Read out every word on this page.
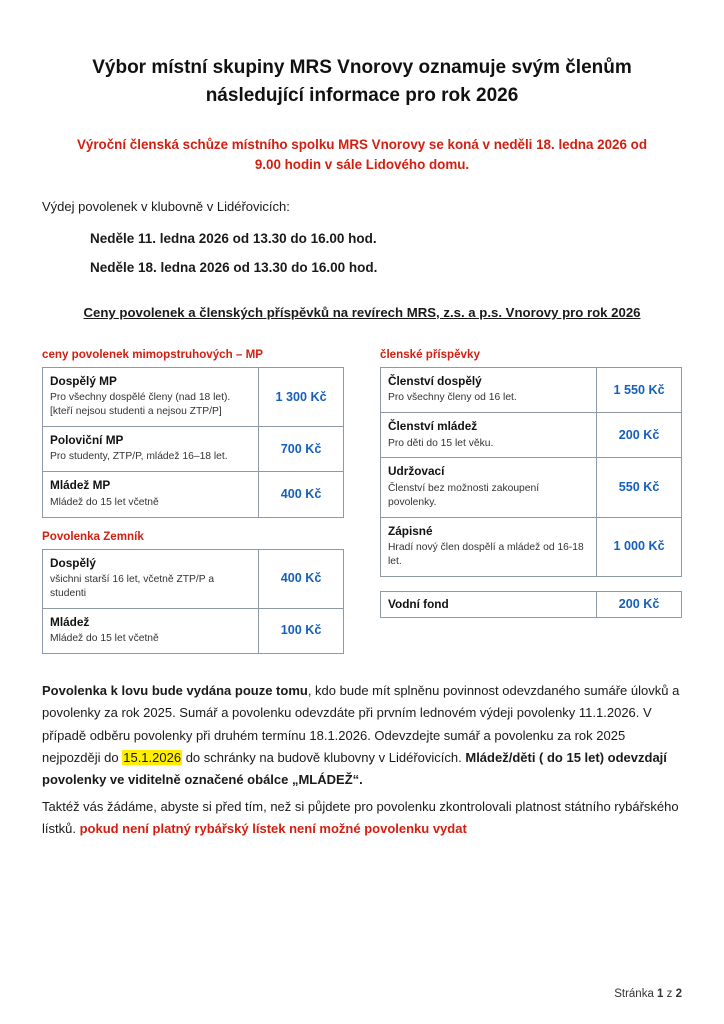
Výbor místní skupiny MRS Vnorovy oznamuje svým členům následující informace pro rok 2026

Výroční členská schůze místního spolku MRS Vnorovy se koná v neděli 18. ledna 2026 od 9.00 hodin v sále Lidového domu.

Výdej povolenek v klubovně v Lidéřovicích:

Neděle 11. ledna 2026 od 13.30 do 16.00 hod.

Neděle 18. ledna 2026 od 13.30 do 16.00 hod.

Ceny povolenek a členských příspěvků na revírech MRS, z.s. a p.s. Vnorovy pro rok 2026

ceny povolenek mimopstruhových – MP
Dospělý MP
Pro všechny dospělé členy (nad 18 let). [kteří nejsou studenti a nejsou ZTP/P]	1 300 Kč

Poloviční MP
Pro studenty, ZTP/P, mládež 16–18 let.	700 Kč

Mládež MP
Mládež do 15 let včetně	400 Kč
Povolenka Zemník
Dospělý
všichni starší 16 let, včetně ZTP/P a studenti	400 Kč

Mládež
Mládež do 15 let včetně	100 Kč
členské příspěvky
Členství dospělý
Pro všechny členy od 16 let.	1 550 Kč

Členství mládež
Pro děti do 15 let věku.	200 Kč

Udržovací
Členství bez možnosti zakoupení povolenky.	550 Kč

Zápisné
Hradí nový člen dospělí a mládež od 16-18 let.	1 000 Kč
Vodní fond	200 Kč

Povolenka k lovu bude vydána pouze tomu, kdo bude mít splněnu povinnost odevzdaného sumáře úlovků a povolenky za rok 2025. Sumář a povolenku odevzdáte při prvním lednovém výdeji povolenky 11.1.2026. V případě odběru povolenky při druhém termínu 18.1.2026. Odevzdejte sumář a povolenku za rok 2025 nejpozději do 15.1.2026 do schránky na budově klubovny v Lidéřovicích. Mládež/děti ( do 15 let) odevzdají povolenky ve viditelně označené obálce „MLÁDEŽ“.

Taktéž vás žádáme, abyste si před tím, než si půjdete pro povolenku zkontrolovali platnost státního rybářského lístků. pokud není platný rybářský lístek není možné povolenku vydat

Stránka 1 z 2
